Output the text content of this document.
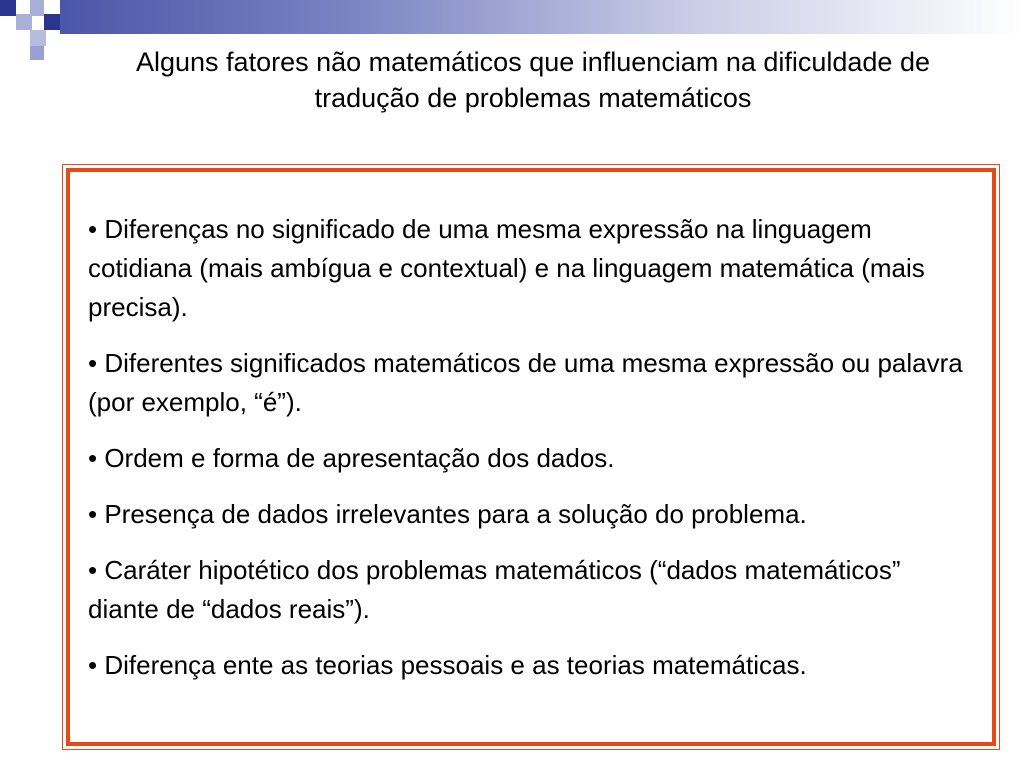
Alguns fatores não matemáticos que influenciam na dificuldade de tradução de problemas matemáticos

• Diferenças no significado de uma mesma expressão na linguagem cotidiana (mais ambígua e contextual) e na linguagem matemática (mais precisa).

• Diferentes significados matemáticos de uma mesma expressão ou palavra (por exemplo, “é”).

• Ordem e forma de apresentação dos dados.

• Presença de dados irrelevantes para a solução do problema.

• Caráter hipotético dos problemas matemáticos (“dados matemáticos” diante de “dados reais”).

• Diferença ente as teorias pessoais e as teorias matemáticas.
